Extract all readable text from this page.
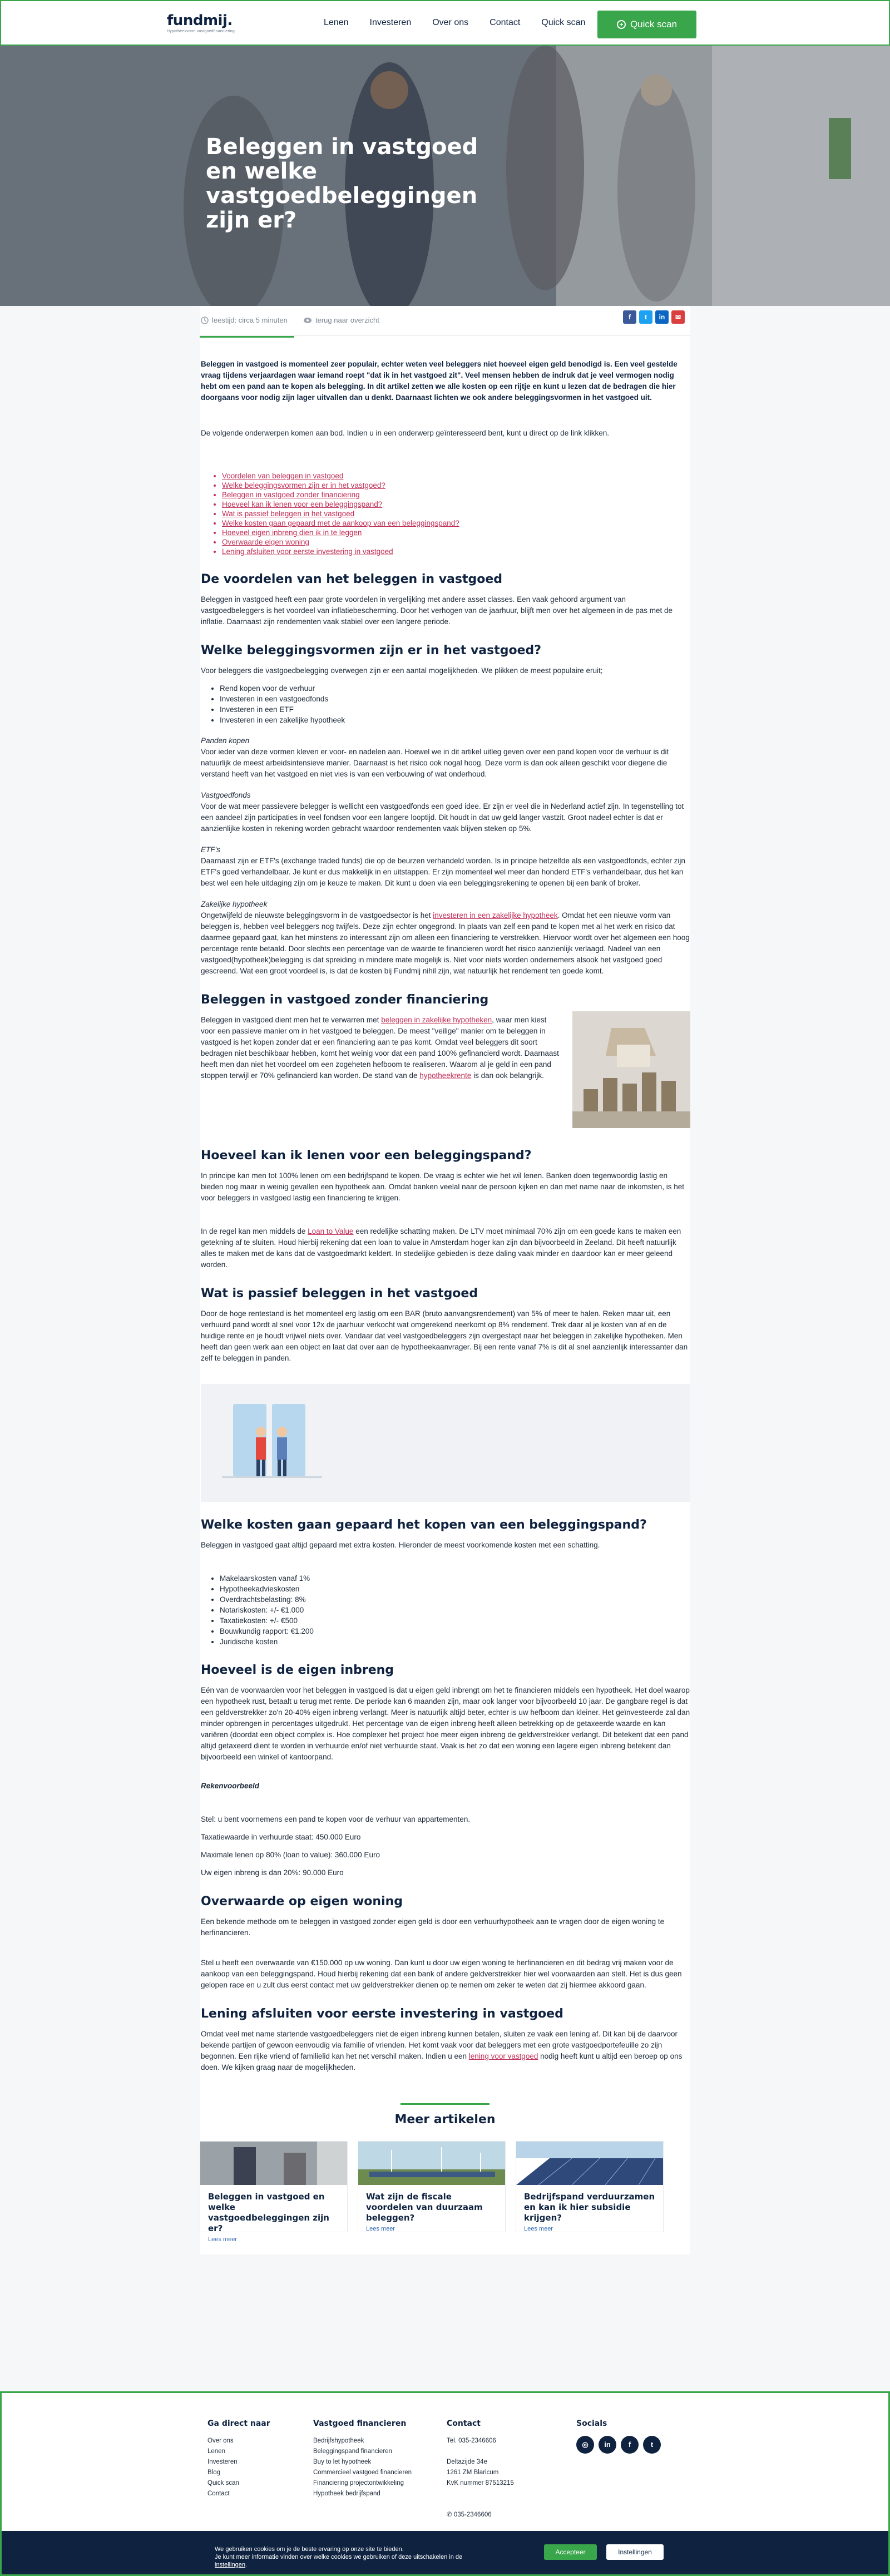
fundmij.
Hypotheekvorm vastgoedfinanciering
Lenen Investeren Over ons Contact Quick scan	+ Quick scan
Beleggen in vastgoed en welke vastgoedbeleggingen zijn er?
leestijd: circa 5 minuten	terug naar overzicht	f	t	in	✉

Beleggen in vastgoed is momenteel zeer populair, echter weten veel beleggers niet hoeveel eigen geld benodigd is. Een veel gestelde vraag tijdens verjaardagen waar iemand roept "dat ik in het vastgoed zit". Veel mensen hebben de indruk dat je veel vermogen nodig hebt om een pand aan te kopen als belegging. In dit artikel zetten we alle kosten op een rijtje en kunt u lezen dat de bedragen die hier doorgaans voor nodig zijn lager uitvallen dan u denkt. Daarnaast lichten we ook andere beleggingsvormen in het vastgoed uit.

De volgende onderwerpen komen aan bod. Indien u in een onderwerp geïnteresseerd bent, kunt u direct op de link klikken.

• Voordelen van beleggen in vastgoed
• Welke beleggingsvormen zijn er in het vastgoed?
• Beleggen in vastgoed zonder financiering
• Hoeveel kan ik lenen voor een beleggingspand?
• Wat is passief beleggen in het vastgoed
• Welke kosten gaan gepaard met de aankoop van een beleggingspand?
• Hoeveel eigen inbreng dien ik in te leggen
• Overwaarde eigen woning
• Lening afsluiten voor eerste investering in vastgoed
De voordelen van het beleggen in vastgoed

Beleggen in vastgoed heeft een paar grote voordelen in vergelijking met andere asset classes. Een vaak gehoord argument van vastgoedbeleggers is het voordeel van inflatiebescherming. Door het verhogen van de jaarhuur, blijft men over het algemeen in de pas met de inflatie. Daarnaast zijn rendementen vaak stabiel over een langere periode.

Welke beleggingsvormen zijn er in het vastgoed?

Voor beleggers die vastgoedbelegging overwegen zijn er een aantal mogelijkheden. We plikken de meest populaire eruit;

• Rend kopen voor de verhuur
• Investeren in een vastgoedfonds
• Investeren in een ETF
• Investeren in een zakelijke hypotheek

Panden kopen

Voor ieder van deze vormen kleven er voor- en nadelen aan. Hoewel we in dit artikel uitleg geven over een pand kopen voor de verhuur is dit natuurlijk de meest arbeidsintensieve manier. Daarnaast is het risico ook nogal hoog. Deze vorm is dan ook alleen geschikt voor diegene die verstand heeft van het vastgoed en niet vies is van een verbouwing of wat onderhoud.

Vastgoedfonds

Voor de wat meer passievere belegger is wellicht een vastgoedfonds een goed idee. Er zijn er veel die in Nederland actief zijn. In tegenstelling tot een aandeel zijn participaties in veel fondsen voor een langere looptijd. Dit houdt in dat uw geld langer vastzit. Groot nadeel echter is dat er aanzienlijke kosten in rekening worden gebracht waardoor rendementen vaak blijven steken op 5%.

ETF's

Daarnaast zijn er ETF's (exchange traded funds) die op de beurzen verhandeld worden. Is in principe hetzelfde als een vastgoedfonds, echter zijn ETF's goed verhandelbaar. Je kunt er dus makkelijk in en uitstappen. Er zijn momenteel wel meer dan honderd ETF's verhandelbaar, dus het kan best wel een hele uitdaging zijn om je keuze te maken. Dit kunt u doen via een beleggingsrekening te openen bij een bank of broker.

Zakelijke hypotheek

Ongetwijfeld de nieuwste beleggingsvorm in de vastgoedsector is het investeren in een zakelijke hypotheek. Omdat het een nieuwe vorm van beleggen is, hebben veel beleggers nog twijfels. Deze zijn echter ongegrond. In plaats van zelf een pand te kopen met al het werk en risico dat daarmee gepaard gaat, kan het minstens zo interessant zijn om alleen een financiering te verstrekken. Hiervoor wordt over het algemeen een hoog percentage rente betaald. Door slechts een percentage van de waarde te financieren wordt het risico aanzienlijk verlaagd. Nadeel van een vastgoed(hypotheek)belegging is dat spreiding in mindere mate mogelijk is. Niet voor niets worden ondernemers alsook het vastgoed goed gescreend. Wat een groot voordeel is, is dat de kosten bij Fundmij nihil zijn, wat natuurlijk het rendement ten goede komt.

Beleggen in vastgoed zonder financiering

Beleggen in vastgoed dient men het te verwarren met beleggen in zakelijke hypotheken, waar men kiest voor een passieve manier om in het vastgoed te beleggen. De meest "veilige" manier om te beleggen in vastgoed is het kopen zonder dat er een financiering aan te pas komt. Omdat veel beleggers dit soort bedragen niet beschikbaar hebben, komt het weinig voor dat een pand 100% gefinancierd wordt. Daarnaast heeft men dan niet het voordeel om een zogeheten hefboom te realiseren. Waarom al je geld in een pand stoppen terwijl er 70% gefinancierd kan worden. De stand van de hypotheekrente is dan ook belangrijk.

Hoeveel kan ik lenen voor een beleggingspand?

In principe kan men tot 100% lenen om een bedrijfspand te kopen. De vraag is echter wie het wil lenen. Banken doen tegenwoordig lastig en bieden nog maar in weinig gevallen een hypotheek aan. Omdat banken veelal naar de persoon kijken en dan met name naar de inkomsten, is het voor beleggers in vastgoed lastig een financiering te krijgen.

In de regel kan men middels de Loan to Value een redelijke schatting maken. De LTV moet minimaal 70% zijn om een goede kans te maken een getekning af te sluiten. Houd hierbij rekening dat een loan to value in Amsterdam hoger kan zijn dan bijvoorbeeld in Zeeland. Dit heeft natuurlijk alles te maken met de kans dat de vastgoedmarkt keldert. In stedelijke gebieden is deze daling vaak minder en daardoor kan er meer geleend worden.

Wat is passief beleggen in het vastgoed

Door de hoge rentestand is het momenteel erg lastig om een BAR (bruto aanvangsrendement) van 5% of meer te halen. Reken maar uit, een verhuurd pand wordt al snel voor 12x de jaarhuur verkocht wat omgerekend neerkomt op 8% rendement. Trek daar al je kosten van af en de huidige rente en je houdt vrijwel niets over. Vandaar dat veel vastgoedbeleggers zijn overgestapt naar het beleggen in zakelijke hypotheken. Men heeft dan geen werk aan een object en laat dat over aan de hypotheekaanvrager. Bij een rente vanaf 7% is dit al snel aanzienlijk interessanter dan zelf te beleggen in panden.

Welke kosten gaan gepaard het kopen van een beleggingspand?

Beleggen in vastgoed gaat altijd gepaard met extra kosten. Hieronder de meest voorkomende kosten met een schatting.

• Makelaarskosten vanaf 1%
• Hypotheekadvieskosten
• Overdrachtsbelasting: 8%
• Notariskosten: +/- €1.000
• Taxatiekosten: +/- €500
• Bouwkundig rapport: €1.200
• Juridische kosten
Hoeveel is de eigen inbreng

Eén van de voorwaarden voor het beleggen in vastgoed is dat u eigen geld inbrengt om het te financieren middels een hypotheek. Het doel waarop een hypotheek rust, betaalt u terug met rente. De periode kan 6 maanden zijn, maar ook langer voor bijvoorbeeld 10 jaar. De gangbare regel is dat een geldverstrekker zo'n 20-40% eigen inbreng verlangt. Meer is natuurlijk altijd beter, echter is uw hefboom dan kleiner. Het geïnvesteerde zal dan minder opbrengen in percentages uitgedrukt. Het percentage van de eigen inbreng heeft alleen betrekking op de getaxeerde waarde en kan variëren (doordat een object complex is. Hoe complexer het project hoe meer eigen inbreng de geldverstrekker verlangt. Dit betekent dat een pand altijd getaxeerd dient te worden in verhuurde en/of niet verhuurde staat. Vaak is het zo dat een woning een lagere eigen inbreng betekent dan bijvoorbeeld een winkel of kantoorpand.

Rekenvoorbeeld

Stel: u bent voornemens een pand te kopen voor de verhuur van appartementen.

Taxatiewaarde in verhuurde staat: 450.000 Euro

Maximale lenen op 80% (loan to value): 360.000 Euro

Uw eigen inbreng is dan 20%: 90.000 Euro

Overwaarde op eigen woning

Een bekende methode om te beleggen in vastgoed zonder eigen geld is door een verhuurhypotheek aan te vragen door de eigen woning te herfinancieren.

Stel u heeft een overwaarde van €150.000 op uw woning. Dan kunt u door uw eigen woning te herfinancieren en dit bedrag vrij maken voor de aankoop van een beleggingspand. Houd hierbij rekening dat een bank of andere geldverstrekker hier wel voorwaarden aan stelt. Het is dus geen gelopen race en u zult dus eerst contact met uw geldverstrekker dienen op te nemen om zeker te weten dat zij hiermee akkoord gaan.

Lening afsluiten voor eerste investering in vastgoed

Omdat veel met name startende vastgoedbeleggers niet de eigen inbreng kunnen betalen, sluiten ze vaak een lening af. Dit kan bij de daarvoor bekende partijen of gewoon eenvoudig via familie of vrienden. Het komt vaak voor dat beleggers met een grote vastgoedportefeuille zo zijn begonnen. Een rijke vriend of familielid kan het net verschil maken. Indien u een lening voor vastgoed nodig heeft kunt u altijd een beroep op ons doen. We kijken graag naar de mogelijkheden.

Meer artikelen
Beleggen in vastgoed en welke vastgoedbeleggingen zijn er?
Lees meer
Wat zijn de fiscale voordelen van duurzaam beleggen?
Lees meer
Bedrijfspand verduurzamen en kan ik hier subsidie krijgen?
Lees meer
Ga direct naar
Over ons
Lenen
Investeren
Blog
Quick scan
Contact
Vastgoed financieren
Bedrijfshypotheek
Beleggingspand financieren
Buy to let hypotheek
Commercieel vastgoed financieren
Financiering projectontwikkeling
Hypotheek bedrijfspand
Contact
Tel. 035-2346606
Deltazijde 34e
1261 ZM Blaricum
KvK nummer 87513215
✆ 035-2346606
Socials
◎	in	f	t
We gebruiken cookies om je de beste ervaring op onze site te bieden.
Je kunt meer informatie vinden over welke cookies we gebruiken of deze uitschakelen in de instellingen.
Accepteer	Instellingen
